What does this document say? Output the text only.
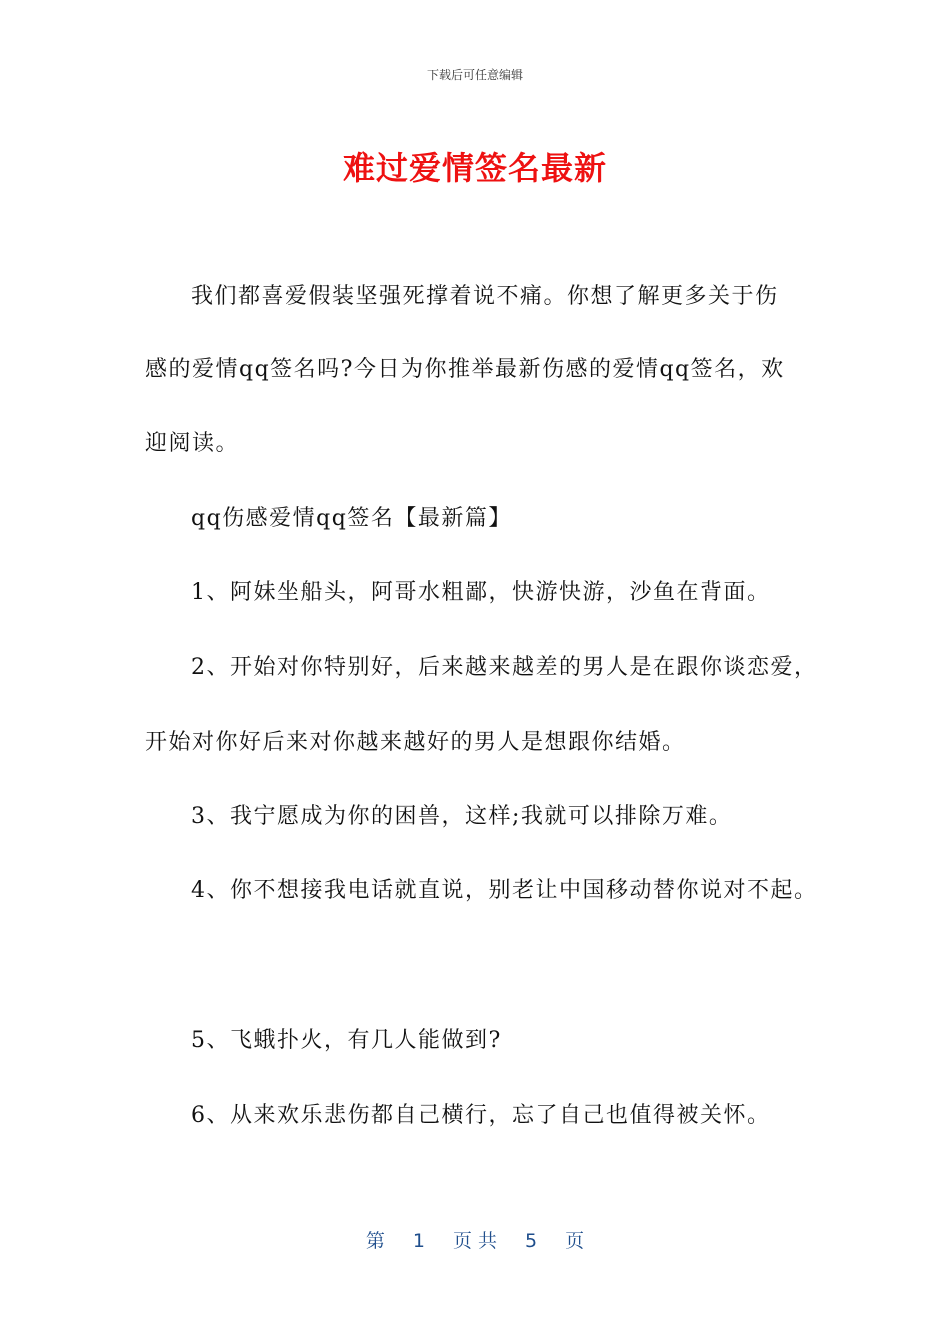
下载后可任意编辑
难过爱情签名最新
我们都喜爱假装坚强死撑着说不痛。你想了解更多关于伤
感的爱情qq签名吗?今日为你推举最新伤感的爱情qq签名，欢
迎阅读。
qq伤感爱情qq签名【最新篇】
1、阿妹坐船头，阿哥水粗鄙，快游快游，沙鱼在背面。
2、开始对你特别好，后来越来越差的男人是在跟你谈恋爱，
开始对你好后来对你越来越好的男人是想跟你结婚。
3、我宁愿成为你的困兽，这样;我就可以排除万难。
4、你不想接我电话就直说，别老让中国移动替你说对不起。
5、飞蛾扑火，有几人能做到?
6、从来欢乐悲伤都自己横行，忘了自己也值得被关怀。
第 1 页 共 5 页
